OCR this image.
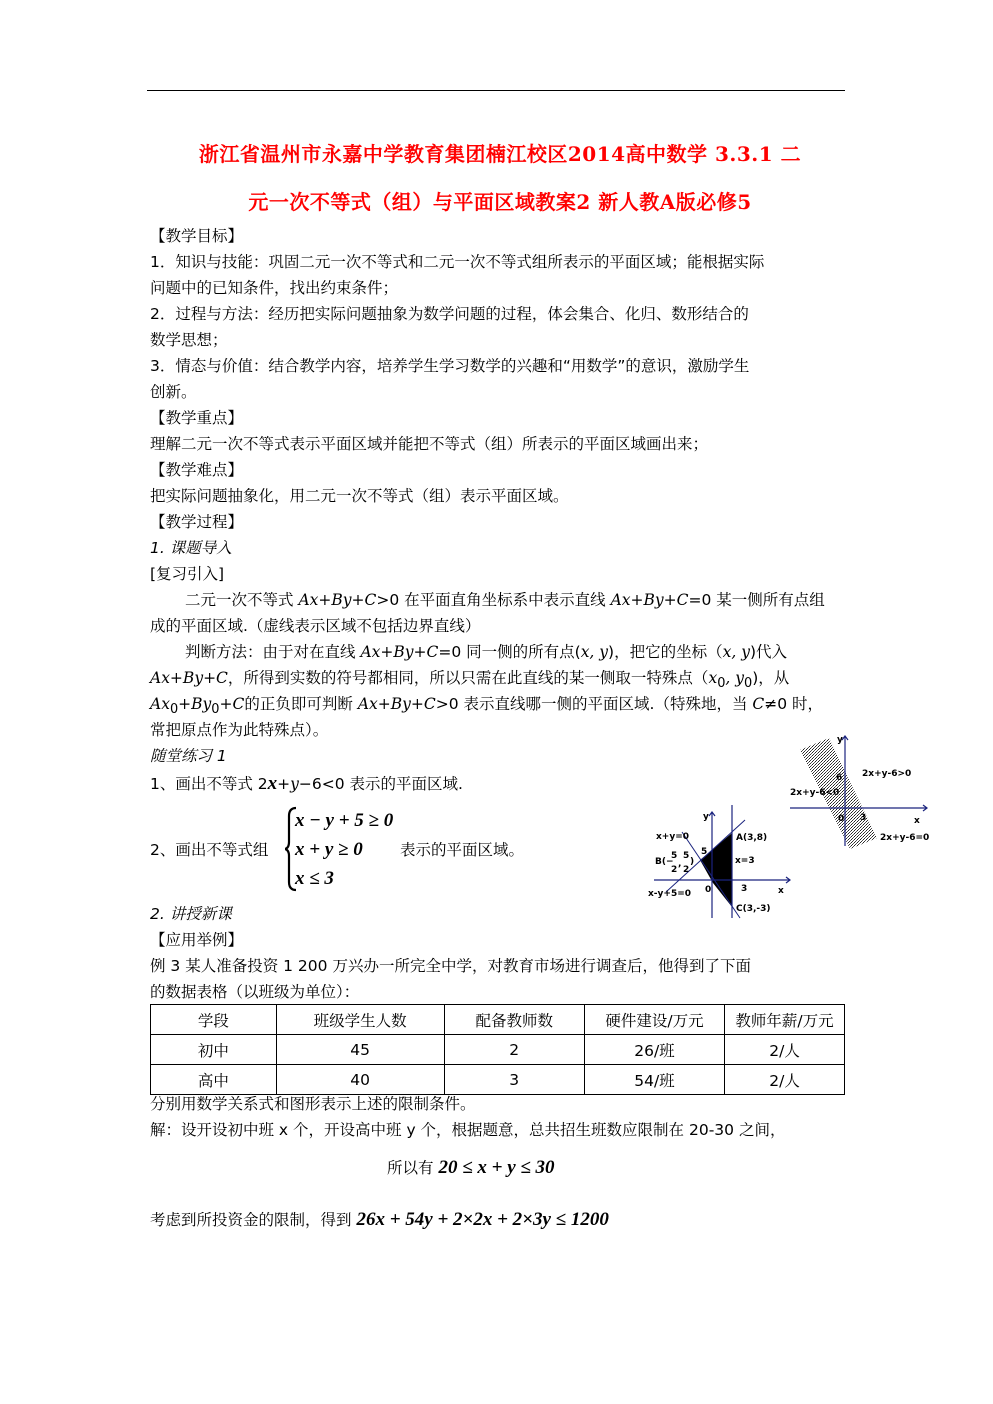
浙江省温州市永嘉中学教育集团楠江校区2014高中数学 3.3.1 二
元一次不等式（组）与平面区域教案2 新人教A版必修5
【教学目标】
1．知识与技能：巩固二元一次不等式和二元一次不等式组所表示的平面区域；能根据实际
问题中的已知条件，找出约束条件；
2．过程与方法：经历把实际问题抽象为数学问题的过程，体会集合、化归、数形结合的
数学思想；
3．情态与价值：结合教学内容，培养学生学习数学的兴趣和“用数学”的意识，激励学生
创新。
【教学重点】
理解二元一次不等式表示平面区域并能把不等式（组）所表示的平面区域画出来；
【教学难点】
把实际问题抽象化，用二元一次不等式（组）表示平面区域。
【教学过程】
1. 课题导入
[复习引入]
二元一次不等式 Ax+By+C>0 在平面直角坐标系中表示直线 Ax+By+C=0 某一侧所有点组
成的平面区域.（虚线表示区域不包括边界直线）
判断方法：由于对在直线 Ax+By+C=0 同一侧的所有点(x, y)，把它的坐标（x, y)代入
Ax+By+C，所得到实数的符号都相同，所以只需在此直线的某一侧取一特殊点（$x_0$, $y_0$)，从
$Ax_0+By_0+C$的正负即可判断 Ax+By+C>0 表示直线哪一侧的平面区域.（特殊地，当 C≠0 时，
常把原点作为此特殊点）。
随堂练习 1
1、画出不等式 2x+y−6<0 表示的平面区域.
2、画出不等式组
x − y + 5 ≥ 0
x + y ≥ 0
x ≤ 3
表示的平面区域。
y
x
6
0 3
2x+y-6>0
2x+y-6<0
2x+y-6=0
y
x
x+y=0
x-y+5=0
A(3,8)
C(3,-3)
x=3
5
0	3
B(−
5
2
,
5
2
)
2. 讲授新课
【应用举例】
例 3 某人准备投资 1 200 万兴办一所完全中学，对教育市场进行调查后，他得到了下面
的数据表格（以班级为单位）：
学段	班级学生人数	配备教师数	硬件建设/万元	教师年薪/万元
初中	45	2	26/班	2/人
高中	40	3	54/班	2/人
分别用数学关系式和图形表示上述的限制条件。
解：设开设初中班 x 个，开设高中班 y 个，根据题意，总共招生班数应限制在 20-30 之间，
所以有 20 ≤ x + y ≤ 30
考虑到所投资金的限制，得到 26x + 54y + 2×2x + 2×3y ≤ 1200
